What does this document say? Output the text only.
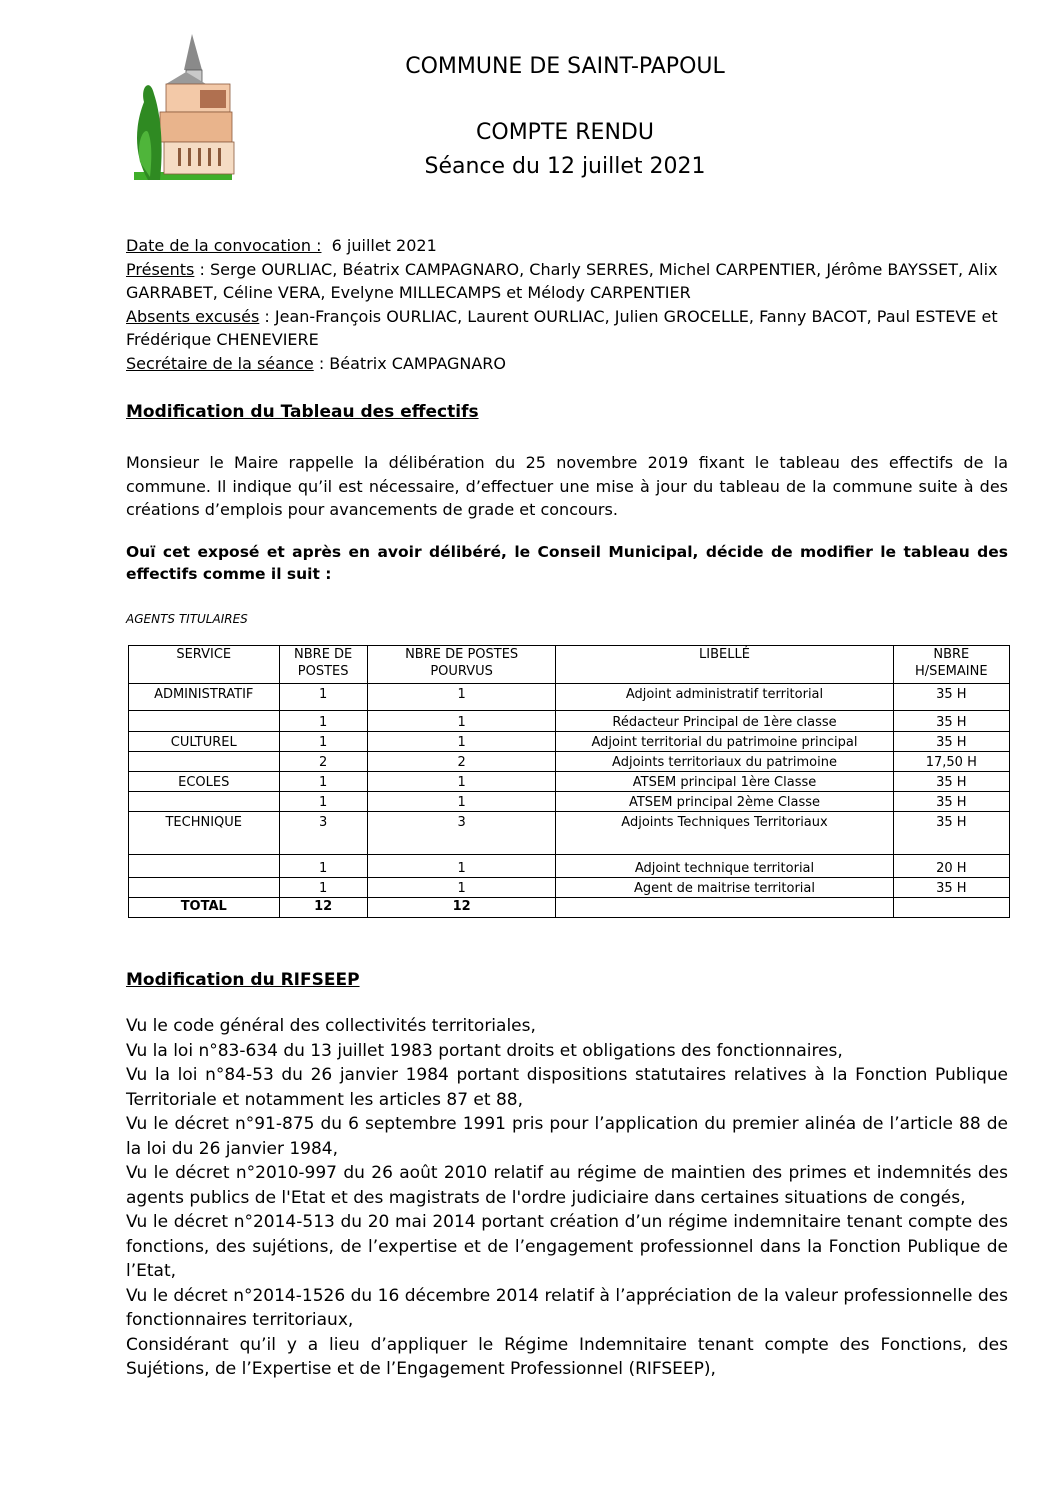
COMMUNE DE SAINT-PAPOUL
COMPTE RENDU
Séance du 12 juillet 2021
Date de la convocation :  6 juillet 2021
Présents : Serge OURLIAC, Béatrix CAMPAGNARO, Charly SERRES, Michel CARPENTIER, Jérôme BAYSSET, Alix GARRABET, Céline VERA, Evelyne MILLECAMPS et Mélody CARPENTIER
Absents excusés : Jean-François OURLIAC, Laurent OURLIAC, Julien GROCELLE, Fanny BACOT, Paul ESTEVE et Frédérique CHENEVIERE
Secrétaire de la séance : Béatrix CAMPAGNARO
Modification du Tableau des effectifs
Monsieur le Maire rappelle la délibération du 25 novembre 2019 fixant le tableau des effectifs de la commune. Il indique qu’il est nécessaire, d’effectuer une mise à jour du tableau de la commune suite à des créations d’emplois pour avancements de grade et concours.
Ouï cet exposé et après en avoir délibéré, le Conseil Municipal, décide de modifier le tableau des effectifs comme il suit :
AGENTS TITULAIRES
SERVICE	NBRE DE POSTES	NBRE DE POSTES POURVUS	LIBELLÉ	NBRE H/SEMAINE
ADMINISTRATIF	1	1	Adjoint administratif territorial	35 H
	1	1	Rédacteur Principal de 1ère classe	35 H
CULTUREL	1	1	Adjoint territorial du patrimoine principal	35 H
	2	2	Adjoints territoriaux du patrimoine	17,50 H
ECOLES	1	1	ATSEM principal 1ère Classe	35 H
	1	1	ATSEM principal 2ème Classe	35 H
TECHNIQUE	3	3	Adjoints Techniques Territoriaux	35 H
	1	1	Adjoint technique territorial	20 H
	1	1	Agent de maitrise territorial	35 H
TOTAL	12	12		
Modification du RIFSEEP
Vu le code général des collectivités territoriales,
Vu la loi n°83-634 du 13 juillet 1983 portant droits et obligations des fonctionnaires,
Vu la loi n°84-53 du 26 janvier 1984 portant dispositions statutaires relatives à la Fonction Publique Territoriale et notamment les articles 87 et 88,
Vu le décret n°91-875 du 6 septembre 1991 pris pour l’application du premier alinéa de l’article 88 de la loi du 26 janvier 1984,
Vu le décret n°2010-997 du 26 août 2010 relatif au régime de maintien des primes et indemnités des agents publics de l'Etat et des magistrats de l'ordre judiciaire dans certaines situations de congés,
Vu le décret n°2014-513 du 20 mai 2014 portant création d’un régime indemnitaire tenant compte des fonctions, des sujétions, de l’expertise et de l’engagement professionnel dans la Fonction Publique de l’Etat,
Vu le décret n°2014-1526 du 16 décembre 2014 relatif à l’appréciation de la valeur professionnelle des fonctionnaires territoriaux,
Considérant qu’il y a lieu d’appliquer le Régime Indemnitaire tenant compte des Fonctions, des Sujétions, de l’Expertise et de l’Engagement Professionnel (RIFSEEP),
